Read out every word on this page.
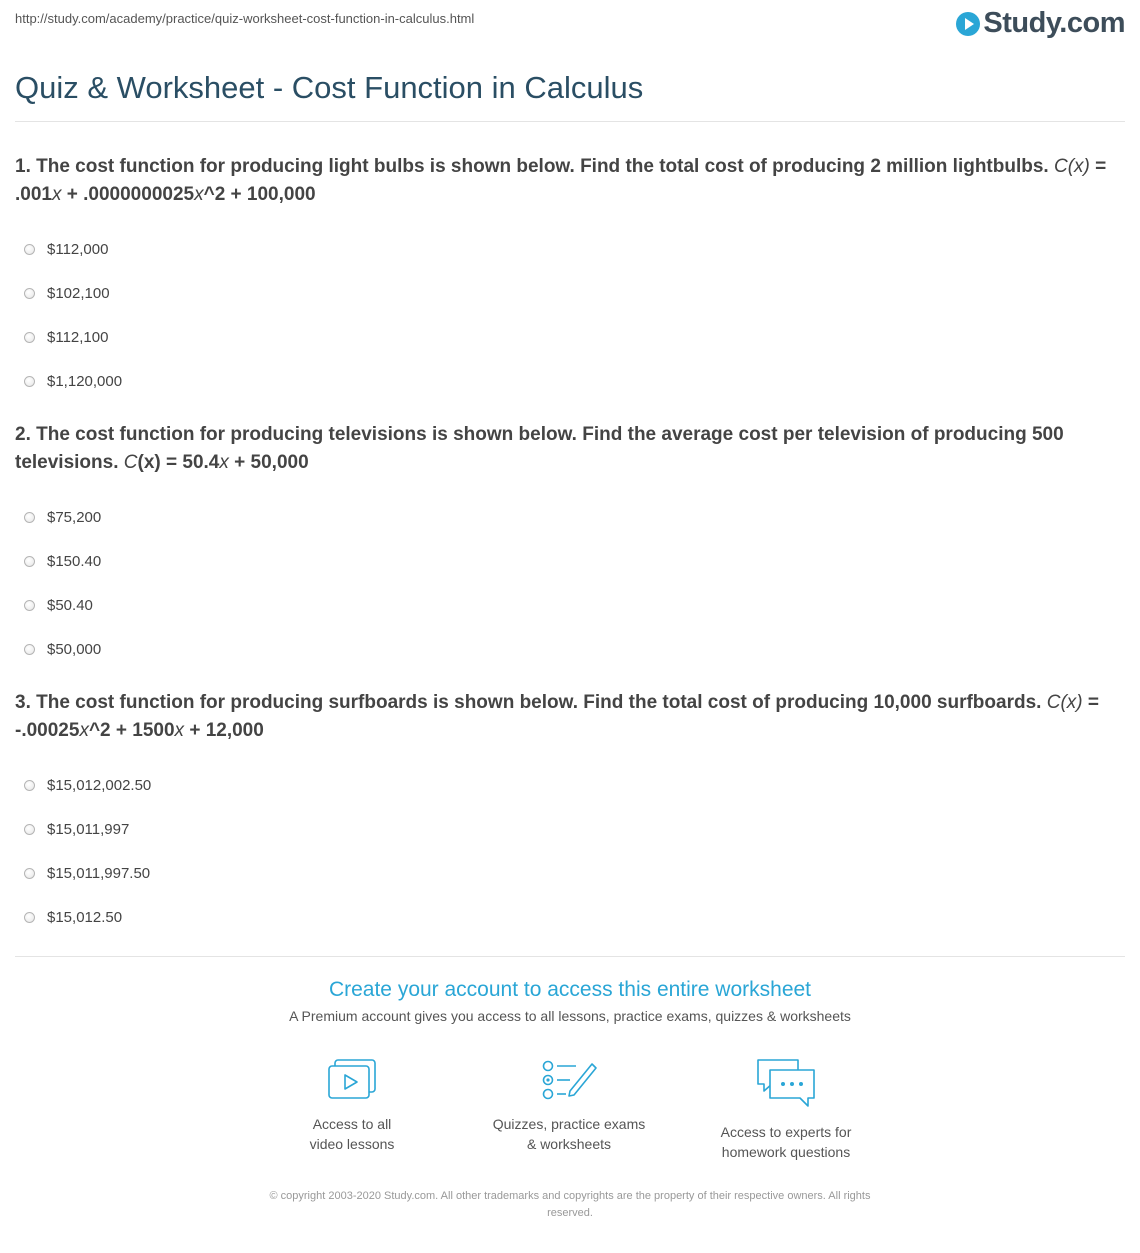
http://study.com/academy/practice/quiz-worksheet-cost-function-in-calculus.html	Study.com
Quiz & Worksheet - Cost Function in Calculus

1. The cost function for producing light bulbs is shown below. Find the total cost of producing 2 million lightbulbs. C(x) = .001x + .0000000025x^2 + 100,000

$112,000
$102,100
$112,100
$1,120,000

2. The cost function for producing televisions is shown below. Find the average cost per television of producing 500 televisions. C(x) = 50.4x + 50,000

$75,200
$150.40
$50.40
$50,000

3. The cost function for producing surfboards is shown below. Find the total cost of producing 10,000 surfboards. C(x) = -.00025x^2 + 1500x + 12,000

$15,012,002.50
$15,011,997
$15,011,997.50
$15,012.50
Create your account to access this entire worksheet
A Premium account gives you access to all lessons, practice exams, quizzes & worksheets
Access to all
video lessons
Quizzes, practice exams
& worksheets
Access to experts for
homework questions
© copyright 2003-2020 Study.com. All other trademarks and copyrights are the property of their respective owners. All rights
reserved.
